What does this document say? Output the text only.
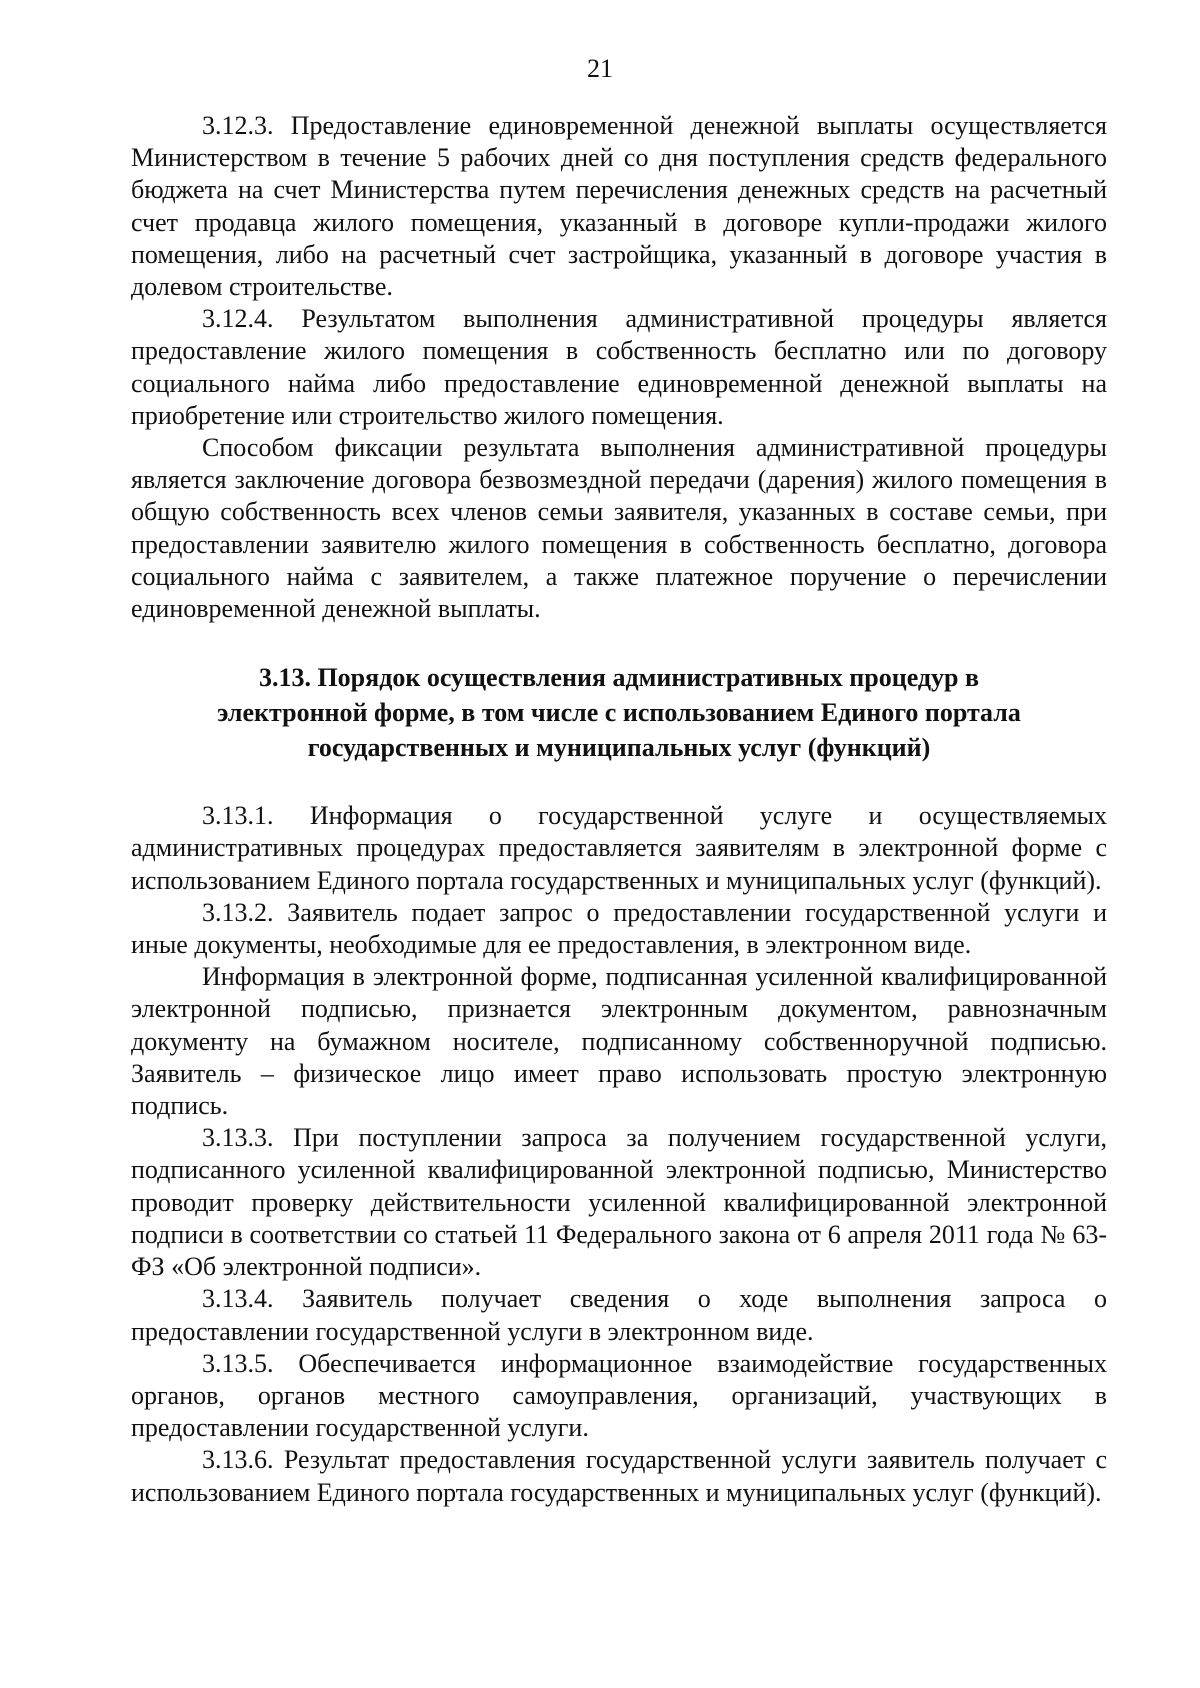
21

3.12.3. Предоставление единовременной денежной выплаты осуществляется Министерством в течение 5 рабочих дней со дня поступления средств федерального бюджета на счет Министерства путем перечисления денежных средств на расчетный счет продавца жилого помещения, указанный в договоре купли-продажи жилого помещения, либо на расчетный счет застройщика, указанный в договоре участия в долевом строительстве.

3.12.4. Результатом выполнения административной процедуры является предоставление жилого помещения в собственность бесплатно или по договору социального найма либо предоставление единовременной денежной выплаты на приобретение или строительство жилого помещения.

Способом фиксации результата выполнения административной процедуры является заключение договора безвозмездной передачи (дарения) жилого помещения в общую собственность всех членов семьи заявителя, указанных в составе семьи, при предоставлении заявителю жилого помещения в собственность бесплатно, договора социального найма с заявителем, а также платежное поручение о перечислении единовременной денежной выплаты.

3.13. Порядок осуществления административных процедур в
электронной форме, в том числе с использованием Единого портала
государственных и муниципальных услуг (функций)

3.13.1. Информация о государственной услуге и осуществляемых административных процедурах предоставляется заявителям в электронной форме с использованием Единого портала государственных и муниципальных услуг (функций).

3.13.2. Заявитель подает запрос о предоставлении государственной услуги и иные документы, необходимые для ее предоставления, в электронном виде.

Информация в электронной форме, подписанная усиленной квалифицированной электронной подписью, признается электронным документом, равнозначным документу на бумажном носителе, подписанному собственноручной подписью. Заявитель – физическое лицо имеет право использовать простую электронную подпись.

3.13.3. При поступлении запроса за получением государственной услуги, подписанного усиленной квалифицированной электронной подписью, Министерство проводит проверку действительности усиленной квалифицированной электронной подписи в соответствии со статьей 11 Федерального закона от 6 апреля 2011 года № 63-ФЗ «Об электронной подписи».

3.13.4. Заявитель получает сведения о ходе выполнения запроса о предоставлении государственной услуги в электронном виде.

3.13.5. Обеспечивается информационное взаимодействие государственных органов, органов местного самоуправления, организаций, участвующих в предоставлении государственной услуги.

3.13.6. Результат предоставления государственной услуги заявитель получает с использованием Единого портала государственных и муниципальных услуг (функций).
